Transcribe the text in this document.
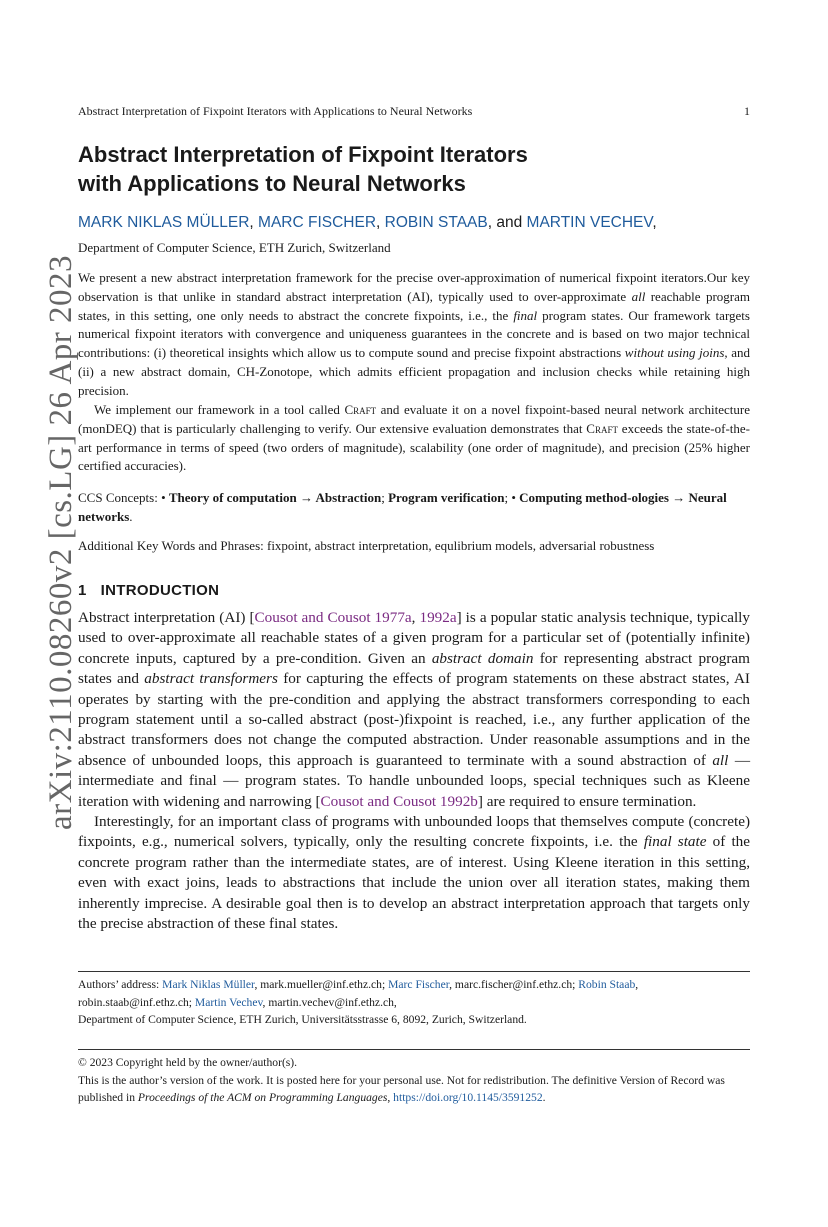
Abstract Interpretation of Fixpoint Iterators with Applications to Neural Networks	1
arXiv:2110.08260v2 [cs.LG] 26 Apr 2023
Abstract Interpretation of Fixpoint Iterators
with Applications to Neural Networks
MARK NIKLAS MÜLLER, MARC FISCHER, ROBIN STAAB, and MARTIN VECHEV,
Department of Computer Science, ETH Zurich, Switzerland
We present a new abstract interpretation framework for the precise over-approximation of numerical fixpoint iterators.Our key observation is that unlike in standard abstract interpretation (AI), typically used to over-approximate all reachable program states, in this setting, one only needs to abstract the concrete fixpoints, i.e., the final program states. Our framework targets numerical fixpoint iterators with convergence and uniqueness guarantees in the concrete and is based on two major technical contributions: (i) theoretical insights which allow us to compute sound and precise fixpoint abstractions without using joins, and (ii) a new abstract domain, CH-Zonotope, which admits efficient propagation and inclusion checks while retaining high precision.
We implement our framework in a tool called Craft and evaluate it on a novel fixpoint-based neural network architecture (monDEQ) that is particularly challenging to verify. Our extensive evaluation demonstrates that Craft exceeds the state-of-the-art performance in terms of speed (two orders of magnitude), scalability (one order of magnitude), and precision (25% higher certified accuracies).
CCS Concepts: • Theory of computation → Abstraction; Program verification; • Computing method-ologies → Neural networks.
Additional Key Words and Phrases: fixpoint, abstract interpretation, equlibrium models, adversarial robustness
1 INTRODUCTION

Abstract interpretation (AI) [Cousot and Cousot 1977a, 1992a] is a popular static analysis technique, typically used to over-approximate all reachable states of a given program for a particular set of (potentially infinite) concrete inputs, captured by a pre-condition. Given an abstract domain for representing abstract program states and abstract transformers for capturing the effects of program statements on these abstract states, AI operates by starting with the pre-condition and applying the abstract transformers corresponding to each program statement until a so-called abstract (post-)fixpoint is reached, i.e., any further application of the abstract transformers does not change the computed abstraction. Under reasonable assumptions and in the absence of unbounded loops, this approach is guaranteed to terminate with a sound abstraction of all — intermediate and final — program states. To handle unbounded loops, special techniques such as Kleene iteration with widening and narrowing [Cousot and Cousot 1992b] are required to ensure termination.

Interestingly, for an important class of programs with unbounded loops that themselves compute (concrete) fixpoints, e.g., numerical solvers, typically, only the resulting concrete fixpoints, i.e. the final state of the concrete program rather than the intermediate states, are of interest. Using Kleene iteration in this setting, even with exact joins, leads to abstractions that include the union over all iteration states, making them inherently imprecise. A desirable goal then is to develop an abstract interpretation approach that targets only the precise abstraction of these final states.

Authors’ address: Mark Niklas Müller, mark.mueller@inf.ethz.ch; Marc Fischer, marc.fischer@inf.ethz.ch; Robin Staab, robin.staab@inf.ethz.ch; Martin Vechev, martin.vechev@inf.ethz.ch,
Department of Computer Science, ETH Zurich, Universitätsstrasse 6, 8092, Zurich, Switzerland.
© 2023 Copyright held by the owner/author(s).
This is the author’s version of the work. It is posted here for your personal use. Not for redistribution. The definitive Version of Record was published in Proceedings of the ACM on Programming Languages, https://doi.org/10.1145/3591252.
